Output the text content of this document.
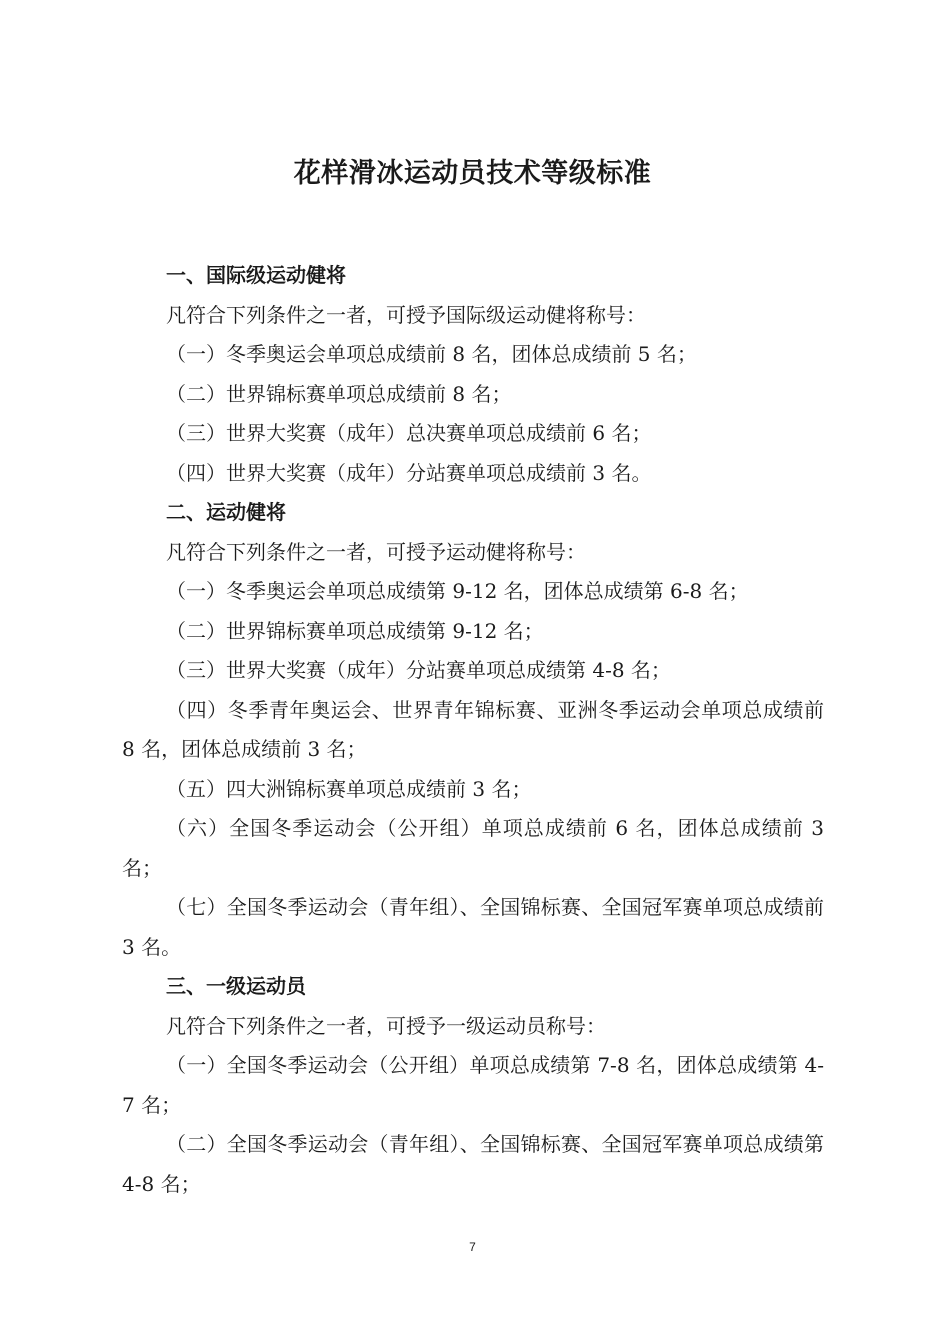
花样滑冰运动员技术等级标准

一、国际级运动健将

凡符合下列条件之一者，可授予国际级运动健将称号：

（一）冬季奥运会单项总成绩前 8 名，团体总成绩前 5 名；

（二）世界锦标赛单项总成绩前 8 名；

（三）世界大奖赛（成年）总决赛单项总成绩前 6 名；

（四）世界大奖赛（成年）分站赛单项总成绩前 3 名。

二、运动健将

凡符合下列条件之一者，可授予运动健将称号：

（一）冬季奥运会单项总成绩第 9-12 名，团体总成绩第 6-8 名；

（二）世界锦标赛单项总成绩第 9-12 名；

（三）世界大奖赛（成年）分站赛单项总成绩第 4-8 名；

（四）冬季青年奥运会、世界青年锦标赛、亚洲冬季运动会单项总成绩前 8 名，团体总成绩前 3 名；

（五）四大洲锦标赛单项总成绩前 3 名；

（六）全国冬季运动会（公开组）单项总成绩前 6 名，团体总成绩前 3 名；

（七）全国冬季运动会（青年组）、全国锦标赛、全国冠军赛单项总成绩前 3 名。

三、一级运动员

凡符合下列条件之一者，可授予一级运动员称号：

（一）全国冬季运动会（公开组）单项总成绩第 7-8 名，团体总成绩第 4-7 名；

（二）全国冬季运动会（青年组）、全国锦标赛、全国冠军赛单项总成绩第 4-8 名；

7
